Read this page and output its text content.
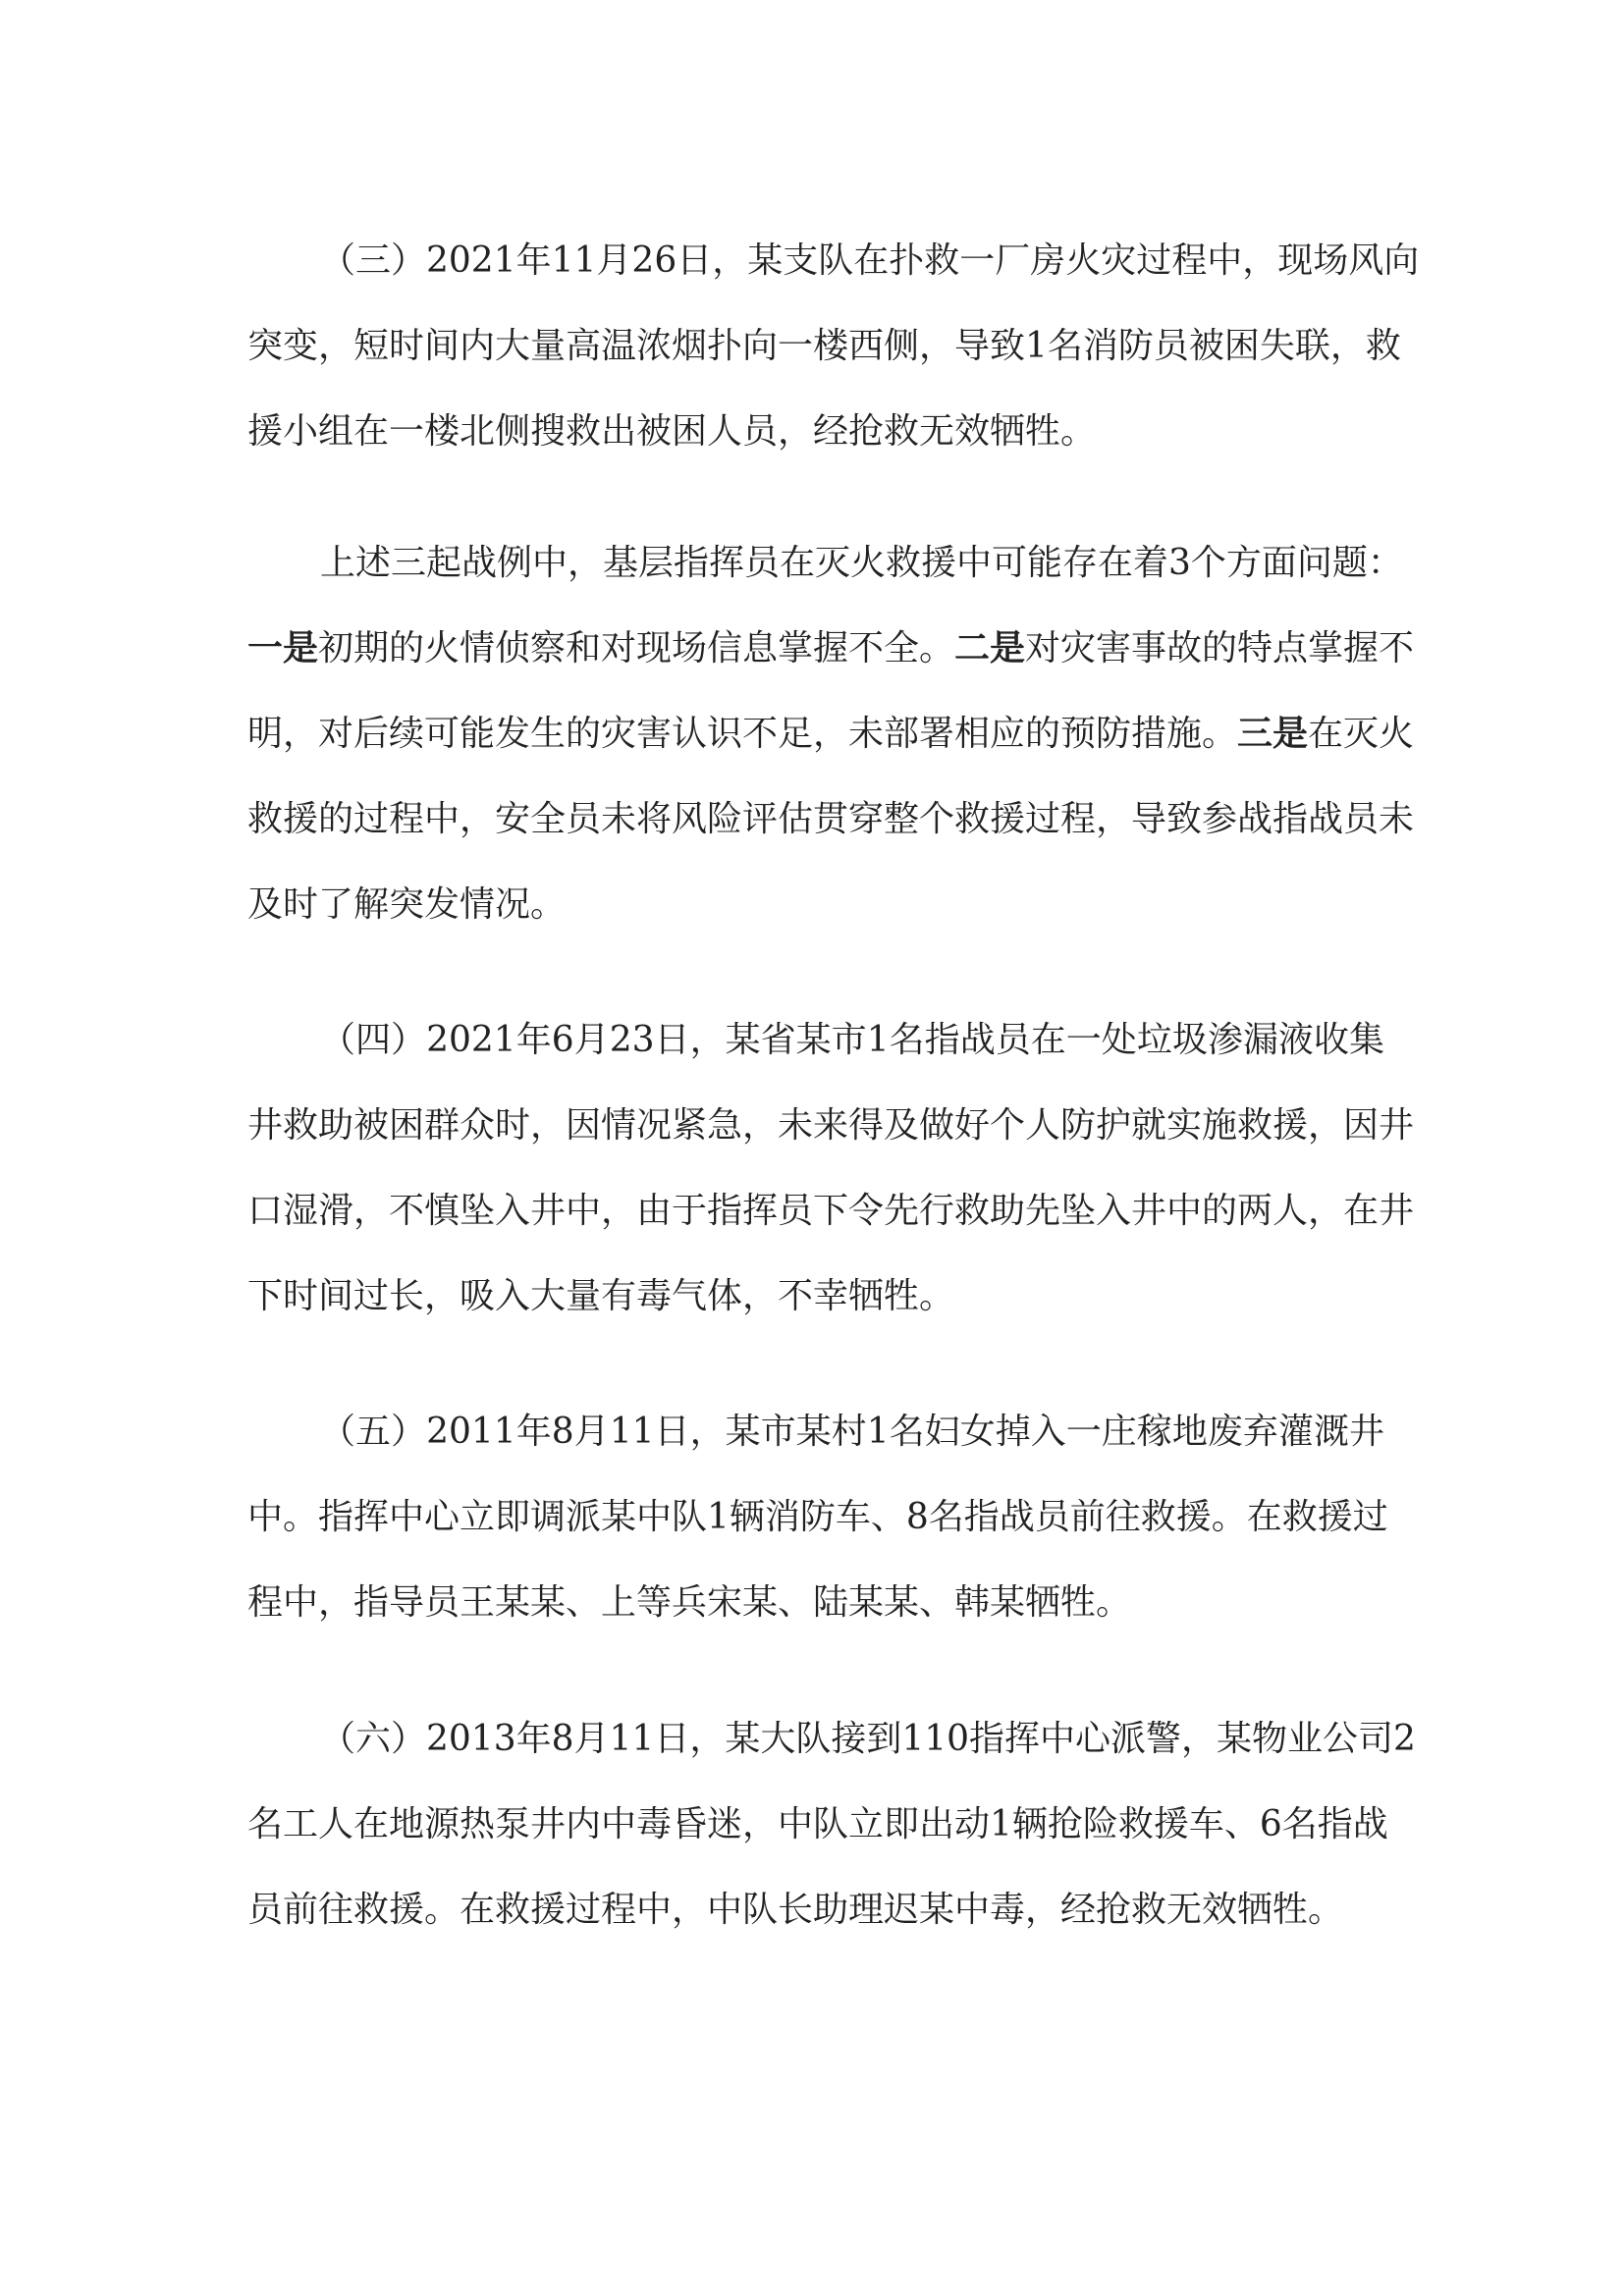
（三）2021年11月26日，某支队在扑救一厂房火灾过程中，现场风向
突变，短时间内大量高温浓烟扑向一楼西侧，导致1名消防员被困失联，救
援小组在一楼北侧搜救出被困人员，经抢救无效牺牲。
上述三起战例中，基层指挥员在灭火救援中可能存在着3个方面问题：
一是初期的火情侦察和对现场信息掌握不全。二是对灾害事故的特点掌握不
明，对后续可能发生的灾害认识不足，未部署相应的预防措施。三是在灭火
救援的过程中，安全员未将风险评估贯穿整个救援过程，导致参战指战员未
及时了解突发情况。
（四）2021年6月23日，某省某市1名指战员在一处垃圾渗漏液收集
井救助被困群众时，因情况紧急，未来得及做好个人防护就实施救援，因井
口湿滑，不慎坠入井中，由于指挥员下令先行救助先坠入井中的两人，在井
下时间过长，吸入大量有毒气体，不幸牺牲。
（五）2011年8月11日，某市某村1名妇女掉入一庄稼地废弃灌溉井
中。指挥中心立即调派某中队1辆消防车、8名指战员前往救援。在救援过
程中，指导员王某某、上等兵宋某、陆某某、韩某牺牲。
（六）2013年8月11日，某大队接到110指挥中心派警，某物业公司2
名工人在地源热泵井内中毒昏迷，中队立即出动1辆抢险救援车、6名指战
员前往救援。在救援过程中，中队长助理迟某中毒，经抢救无效牺牲。
